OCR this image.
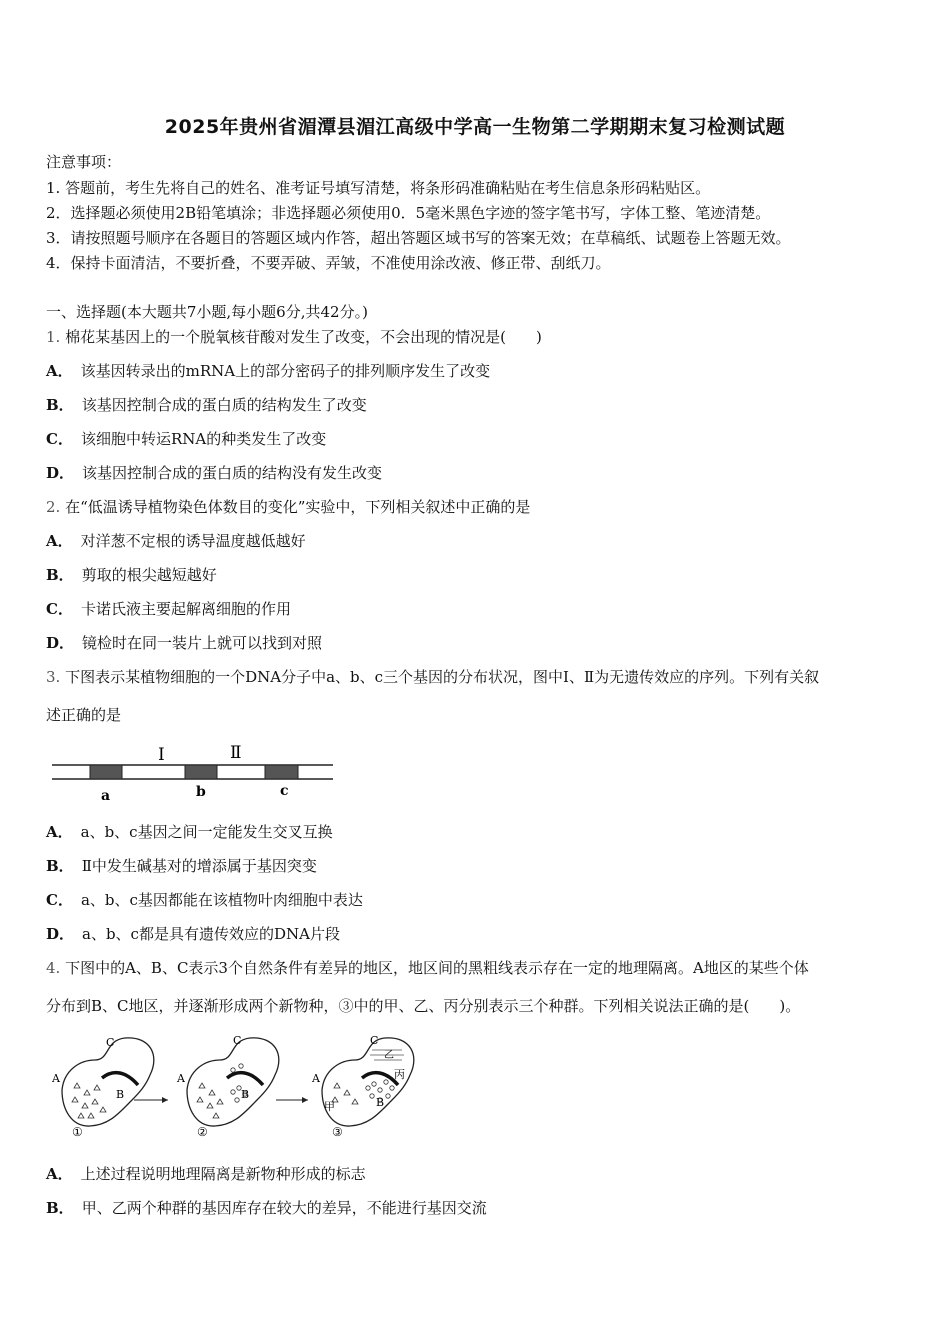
2025年贵州省湄潭县湄江高级中学高一生物第二学期期末复习检测试题
注意事项：
1. 答题前，考生先将自己的姓名、准考证号填写清楚，将条形码准确粘贴在考生信息条形码粘贴区。
2．选择题必须使用2B铅笔填涂；非选择题必须使用0．5毫米黑色字迹的签字笔书写，字体工整、笔迹清楚。
3．请按照题号顺序在各题目的答题区域内作答，超出答题区域书写的答案无效；在草稿纸、试题卷上答题无效。
4．保持卡面清洁，不要折叠，不要弄破、弄皱，不准使用涂改液、修正带、刮纸刀。
一、选择题(本大题共7小题,每小题6分,共42分。)
1. 棉花某基因上的一个脱氧核苷酸对发生了改变，不会出现的情况是(　　)
A． 该基因转录出的mRNA上的部分密码子的排列顺序发生了改变
B． 该基因控制合成的蛋白质的结构发生了改变
C． 该细胞中转运RNA的种类发生了改变
D． 该基因控制合成的蛋白质的结构没有发生改变
2. 在“低温诱导植物染色体数目的变化”实验中，下列相关叙述中正确的是
A． 对洋葱不定根的诱导温度越低越好
B． 剪取的根尖越短越好
C． 卡诺氏液主要起解离细胞的作用
D． 镜检时在同一装片上就可以找到对照
3. 下图表示某植物细胞的一个DNA分子中a、b、c三个基因的分布状况，图中Ⅰ、Ⅱ为无遗传效应的序列。下列有关叙
述正确的是
Ⅰ	Ⅱ
a	b	c
A． a、b、c基因之间一定能发生交叉互换
B． Ⅱ中发生碱基对的增添属于基因突变
C． a、b、c基因都能在该植物叶肉细胞中表达
D． a、b、c都是具有遗传效应的DNA片段
4. 下图中的A、B、C表示3个自然条件有差异的地区，地区间的黑粗线表示存在一定的地理隔离。A地区的某些个体
分布到B、C地区，并逐渐形成两个新物种，③中的甲、乙、丙分别表示三个种群。下列相关说法正确的是(　　)。
C
A
B
①
C
A
B
②
C
A
B
甲
乙
丙
③
A． 上述过程说明地理隔离是新物种形成的标志
B． 甲、乙两个种群的基因库存在较大的差异，不能进行基因交流
